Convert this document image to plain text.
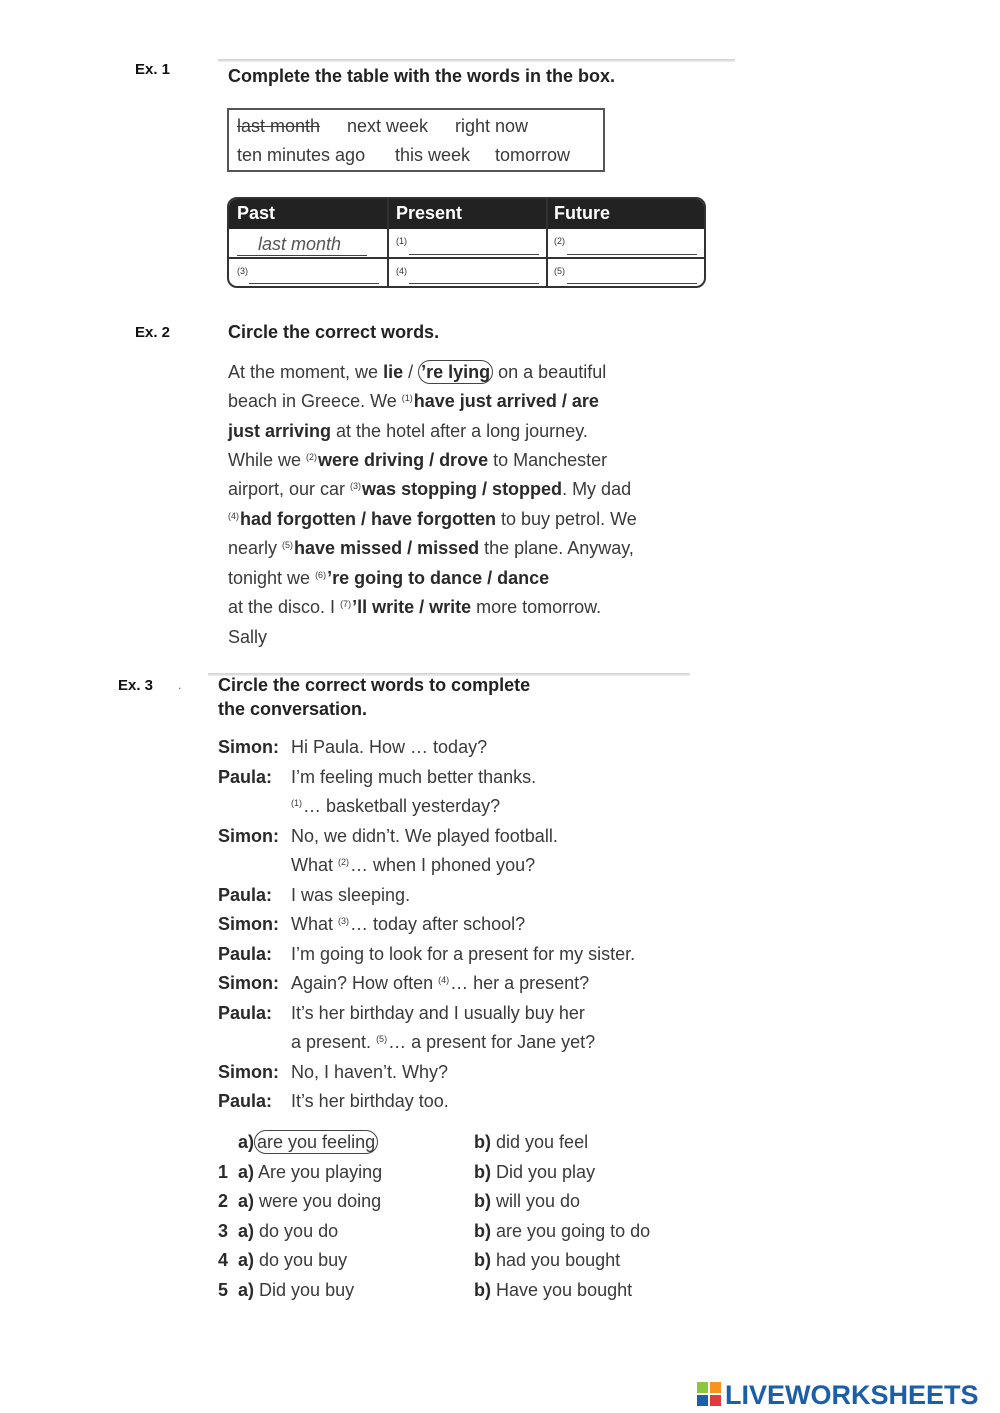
Ex. 1	Complete the table with the words in the box.
last month next week right now
ten minutes ago this week tomorrow
Past	Present	Future
last month	(1)	(2)
(3)	(4)	(5)
Ex. 2	Circle the correct words.
At the moment, we lie / ’re lying on a beautiful
beach in Greece. We $^{(1)}$have just arrived / are
just arriving at the hotel after a long journey.
While we $^{(2)}$were driving / drove to Manchester
airport, our car $^{(3)}$was stopping / stopped. My dad
$^{(4)}$had forgotten / have forgotten to buy petrol. We
nearly $^{(5)}$have missed / missed the plane. Anyway,
tonight we $^{(6)}$’re going to dance / dance
at the disco. I $^{(7)}$’ll write / write more tomorrow.
Sally
Ex. 3 . Circle the correct words to complete
the conversation.
Simon: Hi Paula. How … today?
Paula: I’m feeling much better thanks.
$^{(1)}$… basketball yesterday?
Simon: No, we didn’t. We played football.
What $^{(2)}$… when I phoned you?
Paula: I was sleeping.
Simon: What $^{(3)}$… today after school?
Paula: I’m going to look for a present for my sister.
Simon: Again? How often $^{(4)}$… her a present?
Paula: It’s her birthday and I usually buy her
a present. $^{(5)}$… a present for Jane yet?
Simon: No, I haven’t. Why?
Paula: It’s her birthday too.
a) are you feeling	b) did you feel
1 a) Are you playing	b) Did you play
2 a) were you doing	b) will you do
3 a) do you do	b) are you going to do
4 a) do you buy	b) had you bought
5 a) Did you buy	b) Have you bought
LIVEWORKSHEETS
